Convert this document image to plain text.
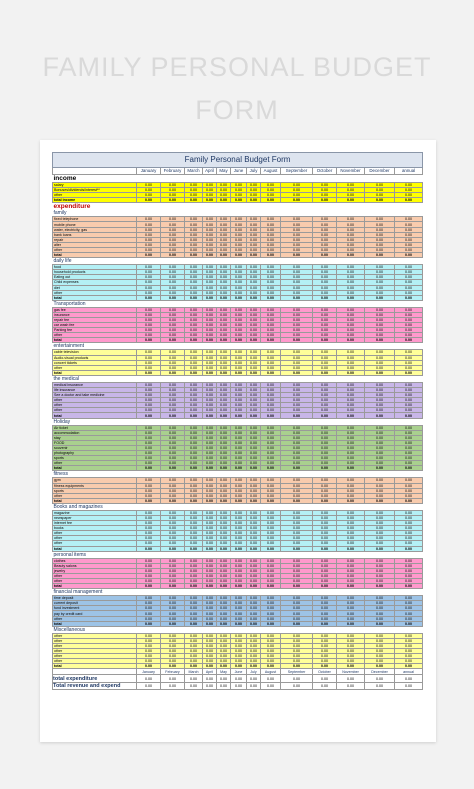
FAMILY PERSONAL BUDGET
FORM
Family Personal Budget Form													
	January	February	March	April	May	June	July	August	September	October	November	December	annual
income													
salary	0.00	0.00	0.00	0.00	0.00	0.00	0.00	0.00	0.00	0.00	0.00	0.00	0.00
Bonuses/dividends/interest**	0.00	0.00	0.00	0.00	0.00	0.00	0.00	0.00	0.00	0.00	0.00	0.00	0.00
other	0.00	0.00	0.00	0.00	0.00	0.00	0.00	0.00	0.00	0.00	0.00	0.00	0.00
total income	0.00	0.00	0.00	0.00	0.00	0.00	0.00	0.00	0.00	0.00	0.00	0.00	0.00
expenditure													
family													
fixed telephone	0.00	0.00	0.00	0.00	0.00	0.00	0.00	0.00	0.00	0.00	0.00	0.00	0.00
mobile phone	0.00	0.00	0.00	0.00	0.00	0.00	0.00	0.00	0.00	0.00	0.00	0.00	0.00
water, electricity, gas	0.00	0.00	0.00	0.00	0.00	0.00	0.00	0.00	0.00	0.00	0.00	0.00	0.00
bank loans	0.00	0.00	0.00	0.00	0.00	0.00	0.00	0.00	0.00	0.00	0.00	0.00	0.00
repair	0.00	0.00	0.00	0.00	0.00	0.00	0.00	0.00	0.00	0.00	0.00	0.00	0.00
alter	0.00	0.00	0.00	0.00	0.00	0.00	0.00	0.00	0.00	0.00	0.00	0.00	0.00
other	0.00	0.00	0.00	0.00	0.00	0.00	0.00	0.00	0.00	0.00	0.00	0.00	0.00
total	0.00	0.00	0.00	0.00	0.00	0.00	0.00	0.00	0.00	0.00	0.00	0.00	0.00
daily life													
food	0.00	0.00	0.00	0.00	0.00	0.00	0.00	0.00	0.00	0.00	0.00	0.00	0.00
household products	0.00	0.00	0.00	0.00	0.00	0.00	0.00	0.00	0.00	0.00	0.00	0.00	0.00
Eating out	0.00	0.00	0.00	0.00	0.00	0.00	0.00	0.00	0.00	0.00	0.00	0.00	0.00
Child expenses	0.00	0.00	0.00	0.00	0.00	0.00	0.00	0.00	0.00	0.00	0.00	0.00	0.00
diet	0.00	0.00	0.00	0.00	0.00	0.00	0.00	0.00	0.00	0.00	0.00	0.00	0.00
other	0.00	0.00	0.00	0.00	0.00	0.00	0.00	0.00	0.00	0.00	0.00	0.00	0.00
total	0.00	0.00	0.00	0.00	0.00	0.00	0.00	0.00	0.00	0.00	0.00	0.00	0.00
Transportation													
gas fee	0.00	0.00	0.00	0.00	0.00	0.00	0.00	0.00	0.00	0.00	0.00	0.00	0.00
insurance	0.00	0.00	0.00	0.00	0.00	0.00	0.00	0.00	0.00	0.00	0.00	0.00	0.00
repair fee	0.00	0.00	0.00	0.00	0.00	0.00	0.00	0.00	0.00	0.00	0.00	0.00	0.00
car wash fee	0.00	0.00	0.00	0.00	0.00	0.00	0.00	0.00	0.00	0.00	0.00	0.00	0.00
Parking fee	0.00	0.00	0.00	0.00	0.00	0.00	0.00	0.00	0.00	0.00	0.00	0.00	0.00
other	0.00	0.00	0.00	0.00	0.00	0.00	0.00	0.00	0.00	0.00	0.00	0.00	0.00
total	0.00	0.00	0.00	0.00	0.00	0.00	0.00	0.00	0.00	0.00	0.00	0.00	0.00
entertainment													
cable television	0.00	0.00	0.00	0.00	0.00	0.00	0.00	0.00	0.00	0.00	0.00	0.00	0.00
Audio-visual products	0.00	0.00	0.00	0.00	0.00	0.00	0.00	0.00	0.00	0.00	0.00	0.00	0.00
concert tickets	0.00	0.00	0.00	0.00	0.00	0.00	0.00	0.00	0.00	0.00	0.00	0.00	0.00
other	0.00	0.00	0.00	0.00	0.00	0.00	0.00	0.00	0.00	0.00	0.00	0.00	0.00
total	0.00	0.00	0.00	0.00	0.00	0.00	0.00	0.00	0.00	0.00	0.00	0.00	0.00
the medical													
medical insurance	0.00	0.00	0.00	0.00	0.00	0.00	0.00	0.00	0.00	0.00	0.00	0.00	0.00
life insurance	0.00	0.00	0.00	0.00	0.00	0.00	0.00	0.00	0.00	0.00	0.00	0.00	0.00
See a doctor and take medicine	0.00	0.00	0.00	0.00	0.00	0.00	0.00	0.00	0.00	0.00	0.00	0.00	0.00
other	0.00	0.00	0.00	0.00	0.00	0.00	0.00	0.00	0.00	0.00	0.00	0.00	0.00
other	0.00	0.00	0.00	0.00	0.00	0.00	0.00	0.00	0.00	0.00	0.00	0.00	0.00
other	0.00	0.00	0.00	0.00	0.00	0.00	0.00	0.00	0.00	0.00	0.00	0.00	0.00
total	0.00	0.00	0.00	0.00	0.00	0.00	0.00	0.00	0.00	0.00	0.00	0.00	0.00
Holiday													
Air ticket	0.00	0.00	0.00	0.00	0.00	0.00	0.00	0.00	0.00	0.00	0.00	0.00	0.00
accommodation	0.00	0.00	0.00	0.00	0.00	0.00	0.00	0.00	0.00	0.00	0.00	0.00	0.00
stay	0.00	0.00	0.00	0.00	0.00	0.00	0.00	0.00	0.00	0.00	0.00	0.00	0.00
FOOD	0.00	0.00	0.00	0.00	0.00	0.00	0.00	0.00	0.00	0.00	0.00	0.00	0.00
souvenir	0.00	0.00	0.00	0.00	0.00	0.00	0.00	0.00	0.00	0.00	0.00	0.00	0.00
photography	0.00	0.00	0.00	0.00	0.00	0.00	0.00	0.00	0.00	0.00	0.00	0.00	0.00
sports	0.00	0.00	0.00	0.00	0.00	0.00	0.00	0.00	0.00	0.00	0.00	0.00	0.00
other	0.00	0.00	0.00	0.00	0.00	0.00	0.00	0.00	0.00	0.00	0.00	0.00	0.00
total	0.00	0.00	0.00	0.00	0.00	0.00	0.00	0.00	0.00	0.00	0.00	0.00	0.00
fitness													
gym	0.00	0.00	0.00	0.00	0.00	0.00	0.00	0.00	0.00	0.00	0.00	0.00	0.00
fitness equipments	0.00	0.00	0.00	0.00	0.00	0.00	0.00	0.00	0.00	0.00	0.00	0.00	0.00
sports	0.00	0.00	0.00	0.00	0.00	0.00	0.00	0.00	0.00	0.00	0.00	0.00	0.00
other	0.00	0.00	0.00	0.00	0.00	0.00	0.00	0.00	0.00	0.00	0.00	0.00	0.00
total	0.00	0.00	0.00	0.00	0.00	0.00	0.00	0.00	0.00	0.00	0.00	0.00	0.00
Books and magazines													
magazine	0.00	0.00	0.00	0.00	0.00	0.00	0.00	0.00	0.00	0.00	0.00	0.00	0.00
newspaper	0.00	0.00	0.00	0.00	0.00	0.00	0.00	0.00	0.00	0.00	0.00	0.00	0.00
internet fee	0.00	0.00	0.00	0.00	0.00	0.00	0.00	0.00	0.00	0.00	0.00	0.00	0.00
books	0.00	0.00	0.00	0.00	0.00	0.00	0.00	0.00	0.00	0.00	0.00	0.00	0.00
other	0.00	0.00	0.00	0.00	0.00	0.00	0.00	0.00	0.00	0.00	0.00	0.00	0.00
other	0.00	0.00	0.00	0.00	0.00	0.00	0.00	0.00	0.00	0.00	0.00	0.00	0.00
other	0.00	0.00	0.00	0.00	0.00	0.00	0.00	0.00	0.00	0.00	0.00	0.00	0.00
total	0.00	0.00	0.00	0.00	0.00	0.00	0.00	0.00	0.00	0.00	0.00	0.00	0.00
personal items													
clothes	0.00	0.00	0.00	0.00	0.00	0.00	0.00	0.00	0.00	0.00	0.00	0.00	0.00
Beauty salons	0.00	0.00	0.00	0.00	0.00	0.00	0.00	0.00	0.00	0.00	0.00	0.00	0.00
jewelry	0.00	0.00	0.00	0.00	0.00	0.00	0.00	0.00	0.00	0.00	0.00	0.00	0.00
other	0.00	0.00	0.00	0.00	0.00	0.00	0.00	0.00	0.00	0.00	0.00	0.00	0.00
other	0.00	0.00	0.00	0.00	0.00	0.00	0.00	0.00	0.00	0.00	0.00	0.00	0.00
total	0.00	0.00	0.00	0.00	0.00	0.00	0.00	0.00	0.00	0.00	0.00	0.00	0.00
financial management													
time deposit	0.00	0.00	0.00	0.00	0.00	0.00	0.00	0.00	0.00	0.00	0.00	0.00	0.00
current deposit	0.00	0.00	0.00	0.00	0.00	0.00	0.00	0.00	0.00	0.00	0.00	0.00	0.00
fund investment	0.00	0.00	0.00	0.00	0.00	0.00	0.00	0.00	0.00	0.00	0.00	0.00	0.00
pay by credit card	0.00	0.00	0.00	0.00	0.00	0.00	0.00	0.00	0.00	0.00	0.00	0.00	0.00
other	0.00	0.00	0.00	0.00	0.00	0.00	0.00	0.00	0.00	0.00	0.00	0.00	0.00
total	0.00	0.00	0.00	0.00	0.00	0.00	0.00	0.00	0.00	0.00	0.00	0.00	0.00
Miscellaneous													
other	0.00	0.00	0.00	0.00	0.00	0.00	0.00	0.00	0.00	0.00	0.00	0.00	0.00
other	0.00	0.00	0.00	0.00	0.00	0.00	0.00	0.00	0.00	0.00	0.00	0.00	0.00
other	0.00	0.00	0.00	0.00	0.00	0.00	0.00	0.00	0.00	0.00	0.00	0.00	0.00
other	0.00	0.00	0.00	0.00	0.00	0.00	0.00	0.00	0.00	0.00	0.00	0.00	0.00
other	0.00	0.00	0.00	0.00	0.00	0.00	0.00	0.00	0.00	0.00	0.00	0.00	0.00
other	0.00	0.00	0.00	0.00	0.00	0.00	0.00	0.00	0.00	0.00	0.00	0.00	0.00
total	0.00	0.00	0.00	0.00	0.00	0.00	0.00	0.00	0.00	0.00	0.00	0.00	0.00
	January	February	March	April	May	June	July	August	September	October	November	December	annual
total expenditure	0.00	0.00	0.00	0.00	0.00	0.00	0.00	0.00	0.00	0.00	0.00	0.00	0.00
Total revenue and expend	0.00	0.00	0.00	0.00	0.00	0.00	0.00	0.00	0.00	0.00	0.00	0.00	0.00
